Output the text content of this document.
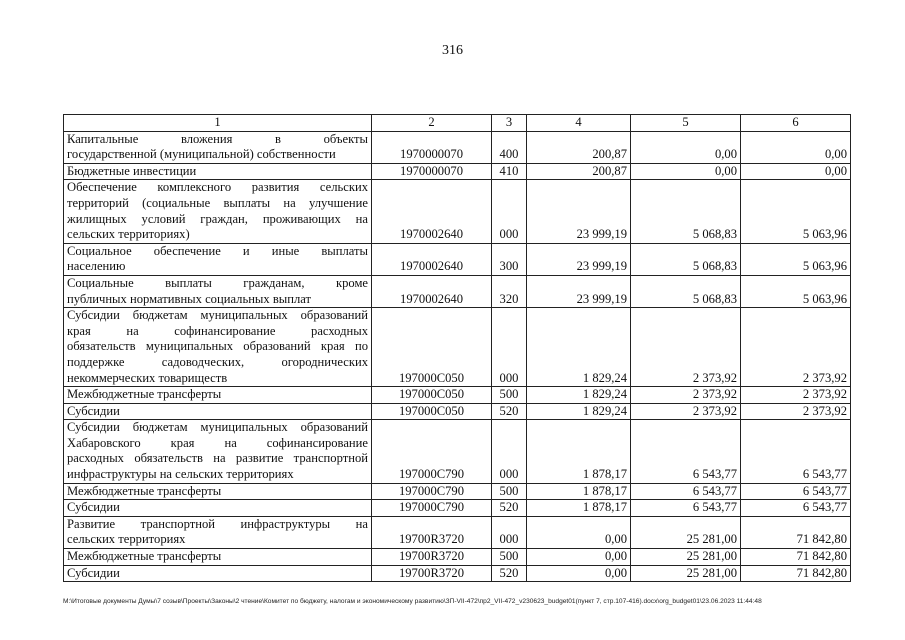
316
1	2	3	4	5	6

Капитальные вложения в объекты
государственной (муниципальной) собственности	1970000070	400	200,87	0,00	0,00

Бюджетные инвестиции	1970000070	410	200,87	0,00	0,00

Обеспечение комплексного развития сельских
территорий (социальные выплаты на улучшение
жилищных условий граждан, проживающих на
сельских территориях)	1970002640	000	23 999,19	5 068,83	5 063,96

Социальное обеспечение и иные выплаты
населению	1970002640	300	23 999,19	5 068,83	5 063,96

Социальные выплаты гражданам, кроме
публичных нормативных социальных выплат	1970002640	320	23 999,19	5 068,83	5 063,96

Субсидии бюджетам муниципальных образований
края на софинансирование расходных
обязательств муниципальных образований края по
поддержке садоводческих, огороднических
некоммерческих товариществ	197000С050	000	1 829,24	2 373,92	2 373,92

Межбюджетные трансферты	197000С050	500	1 829,24	2 373,92	2 373,92

Субсидии	197000С050	520	1 829,24	2 373,92	2 373,92

Субсидии бюджетам муниципальных образований
Хабаровского края на софинансирование
расходных обязательств на развитие транспортной
инфраструктуры на сельских территориях	197000С790	000	1 878,17	6 543,77	6 543,77

Межбюджетные трансферты	197000С790	500	1 878,17	6 543,77	6 543,77

Субсидии	197000С790	520	1 878,17	6 543,77	6 543,77

Развитие транспортной инфраструктуры на
сельских территориях	19700R3720	000	0,00	25 281,00	71 842,80

Межбюджетные трансферты	19700R3720	500	0,00	25 281,00	71 842,80

Субсидии	19700R3720	520	0,00	25 281,00	71 842,80
M:\Итоговые документы Думы\7 созыв\Проекты\Законы\2 чтение\Комитет по бюджету, налогам и экономическому развитию\ЗП-VII-472\пр2_VII-472_v230623_budget01(пункт 7, стр.107-416).docx\org_budget01\23.06.2023 11:44:48
